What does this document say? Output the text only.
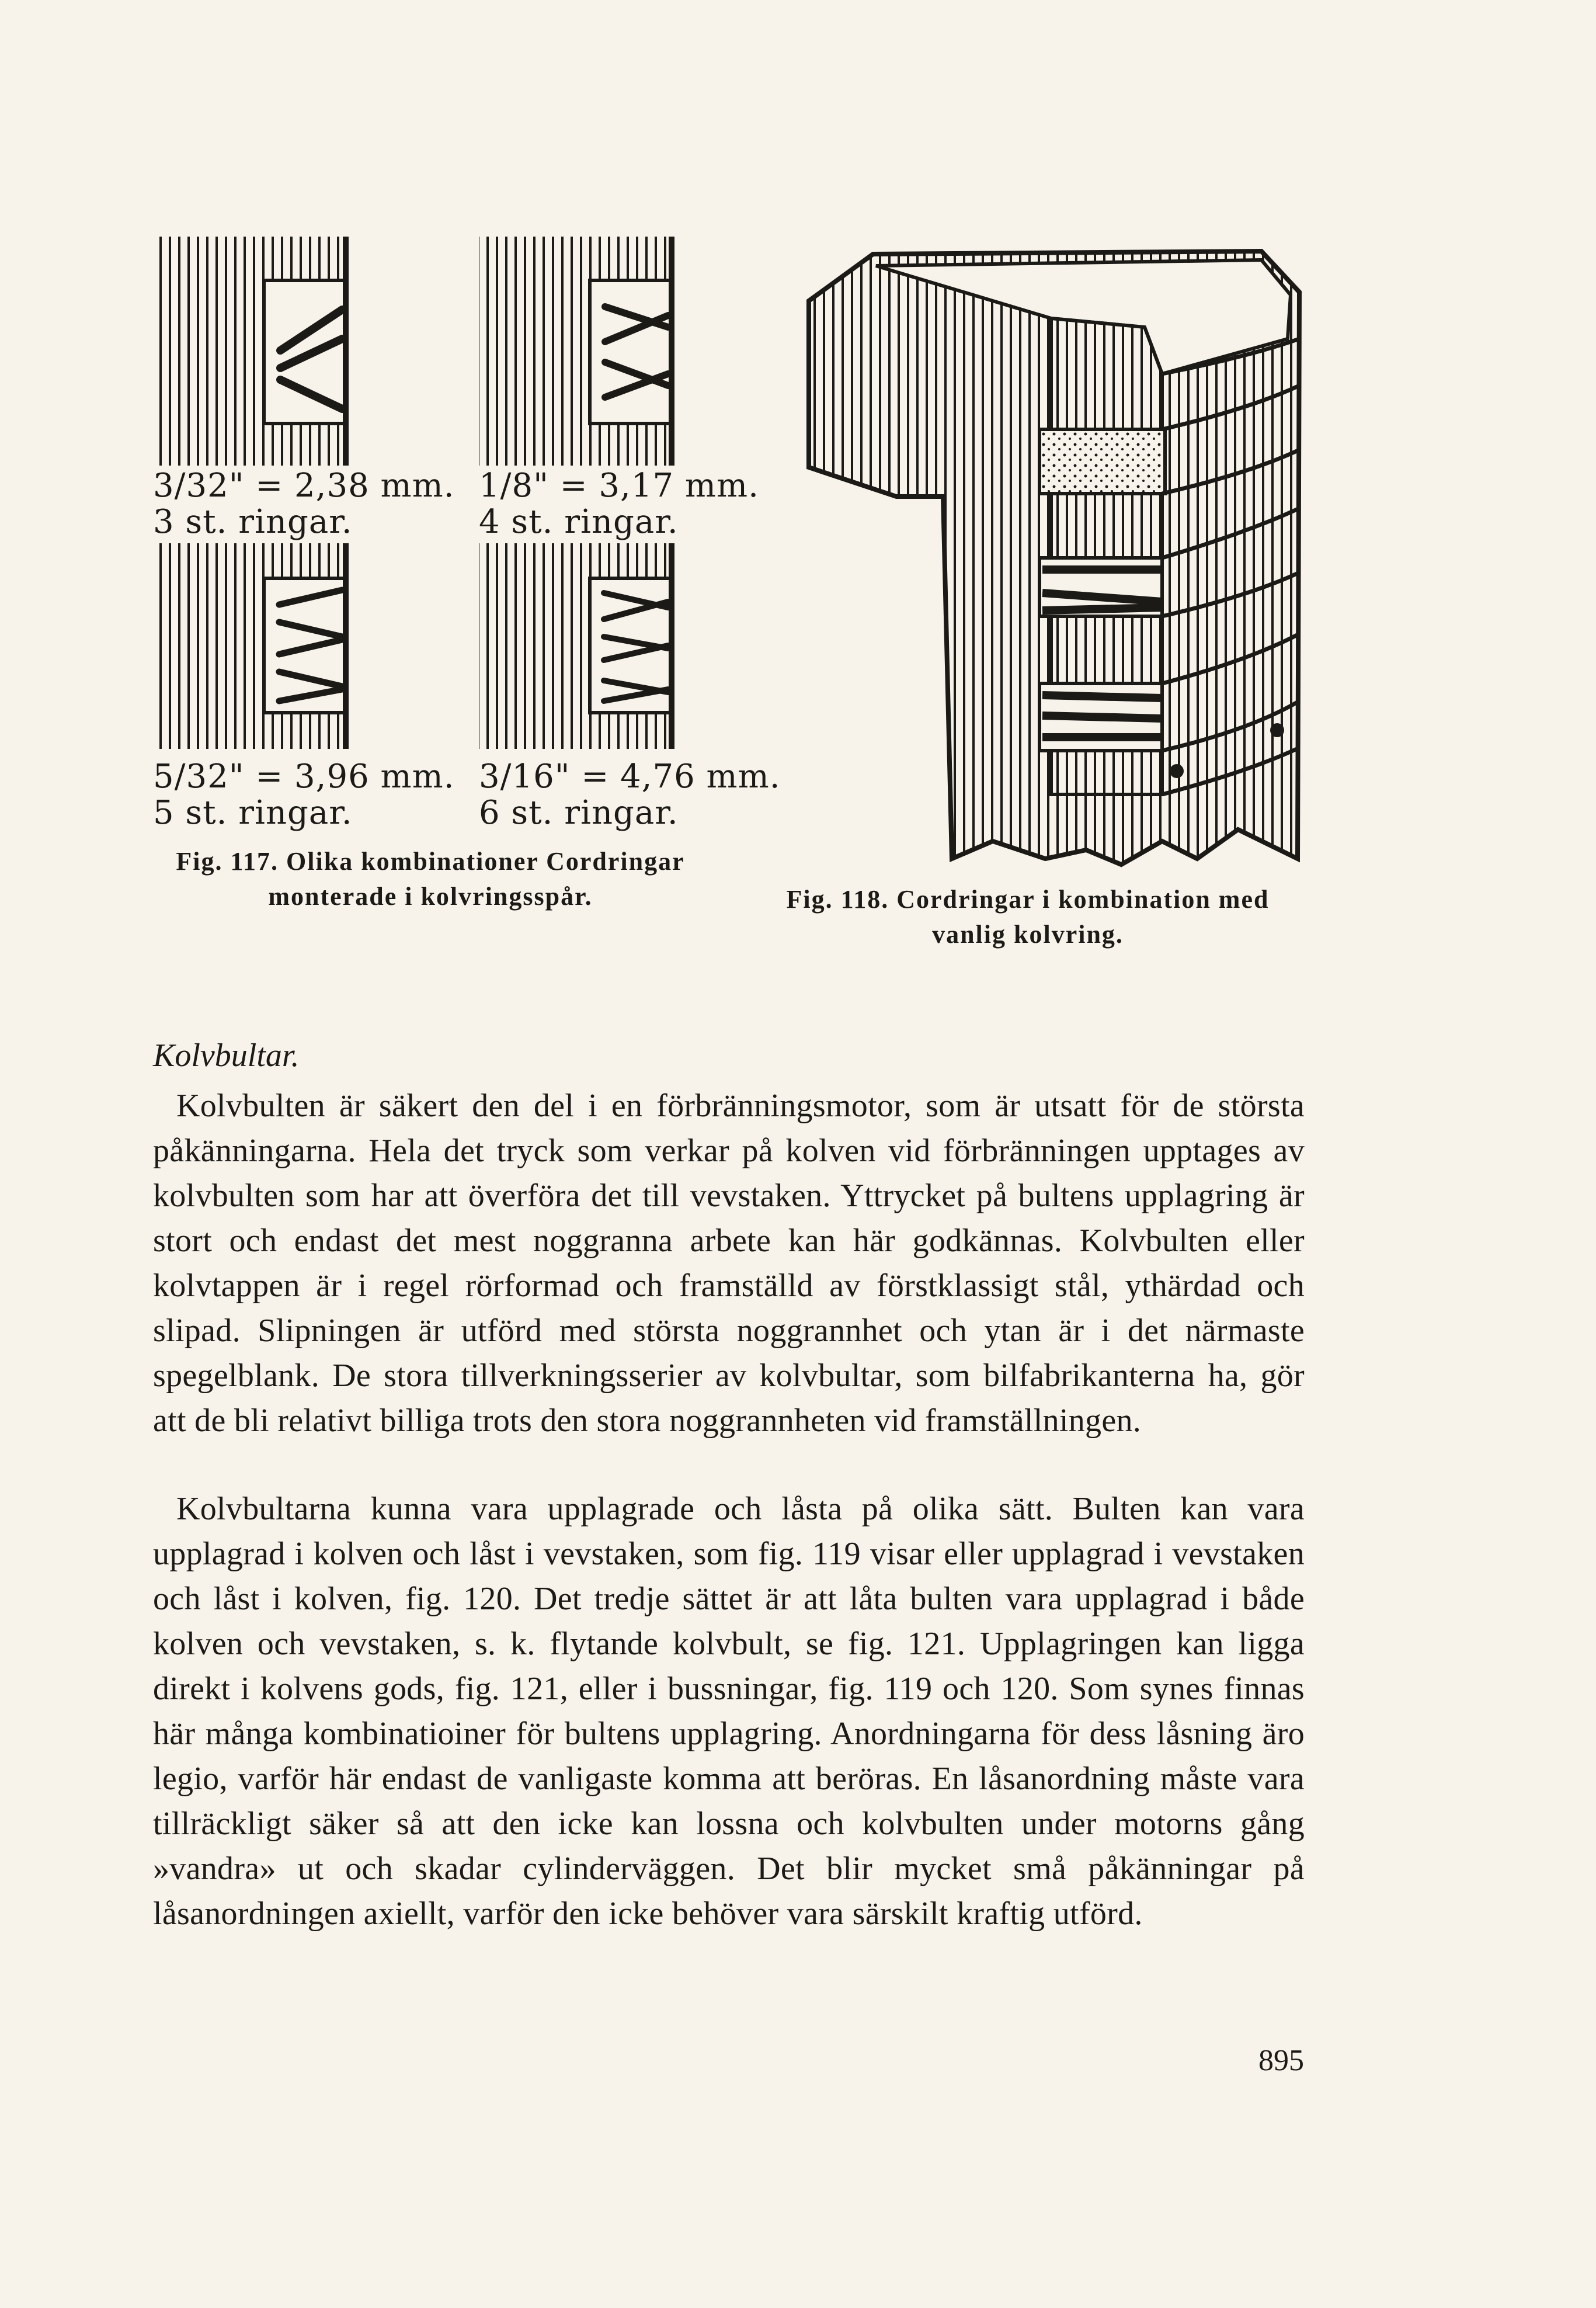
3/32" = 2,38 mm.
3 st. ringar.
1/8" = 3,17 mm.
4 st. ringar.
5/32" = 3,96 mm.
5 st. ringar.
3/16" = 4,76 mm.
6 st. ringar.
Fig. 117. Olika kombinationer Cordringar
monterade i kolvringsspår.	Fig. 118. Cordringar i kombination med
vanlig kolvring.
Kolvbultar.

Kolvbulten är säkert den del i en förbränningsmotor, som är utsatt för de största påkänningarna. Hela det tryck som verkar på kolven vid förbränningen upptages av kolvbulten som har att överföra det till vevstaken. Yttrycket på bultens upplagring är stort och endast det mest noggranna arbete kan här godkännas. Kolvbulten eller kolvtappen är i regel rörformad och framställd av förstklassigt stål, ythärdad och slipad. Slipningen är utförd med största noggrannhet och ytan är i det närmaste spegelblank. De stora tillverkningsserier av kolvbultar, som bilfabrikanterna ha, gör att de bli relativt billiga trots den stora noggrannheten vid framställningen.

Kolvbultarna kunna vara upplagrade och låsta på olika sätt. Bulten kan vara upplagrad i kolven och låst i vevstaken, som fig. 119 visar eller upplagrad i vevstaken och låst i kolven, fig. 120. Det tredje sättet är att låta bulten vara upplagrad i både kolven och vevstaken, s. k. flytande kolvbult, se fig. 121. Upplagringen kan ligga direkt i kolvens gods, fig. 121, eller i bussningar, fig. 119 och 120. Som synes finnas här många kombinatioiner för bultens upplagring. Anordningarna för dess låsning äro legio, varför här endast de vanligaste komma att beröras. En låsanordning måste vara tillräckligt säker så att den icke kan lossna och kolvbulten under motorns gång »vandra» ut och skadar cylinderväggen. Det blir mycket små påkänningar på låsanordningen axiellt, varför den icke behöver vara särskilt kraftig utförd.

895
